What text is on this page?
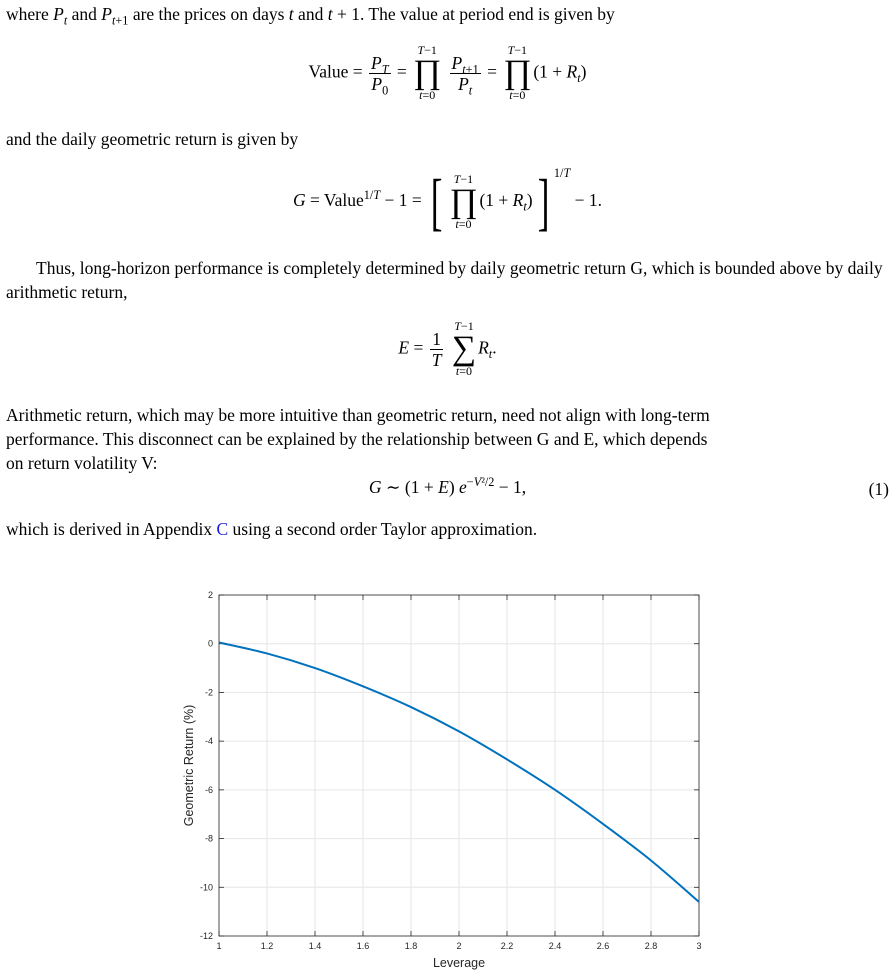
where $P_t$ and $P_{t+1}$ are the prices on days t and t + 1. The value at period end is given by

Value = $\frac{P_T}{P_0}$ =
T−1
∏
t=0

$\frac{P_{t+1}}{P_t}$ =
T−1
∏
t=0
$(1 + R_t)$

and the daily geometric return is given by

G = Value$^{1/T}$ − 1 = [ T−1
∏
t=0
$(1 + R_t)$] $^{1/T}$ − 1.

Thus, long-horizon performance is completely determined by daily geometric return G, which is bounded above by daily arithmetic return,

$E = \frac{1}{T}$

T−1
∑
t=0
$R_t$.

Arithmetic return, which may be more intuitive than geometric return, need not align with long-term
performance. This disconnect can be explained by the relationship between G and E, which depends
on return volatility V:

G ∼ (1 + E) $e^{-V^2/2} - 1$,	(1)

which is derived in Appendix C using a second order Taylor approximation.

1	1.2	1.4	1.6	1.8	2	2.2	2.4	2.6	2.8	3
2
0
-2
-4
-6
-8
-10
-12
Leverage
Geometric Return (%)
